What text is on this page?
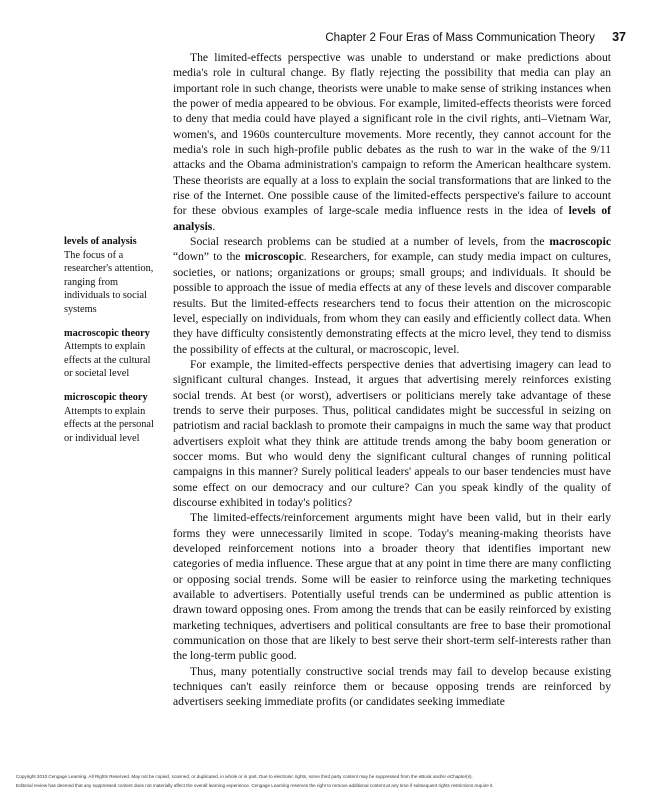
Chapter 2 Four Eras of Mass Communication Theory 37
levels of analysis
The focus of a researcher's attention, ranging from individuals to social systems
macroscopic theory
Attempts to explain effects at the cultural or societal level
microscopic theory
Attempts to explain effects at the personal or individual level

The limited-effects perspective was unable to understand or make predictions about media's role in cultural change. By flatly rejecting the possibility that media can play an important role in such change, theorists were unable to make sense of striking instances when the power of media appeared to be obvious. For example, limited-effects theorists were forced to deny that media could have played a significant role in the civil rights, anti–Vietnam War, women's, and 1960s counterculture movements. More recently, they cannot account for the media's role in such high-profile public debates as the rush to war in the wake of the 9/11 attacks and the Obama administration's campaign to reform the American healthcare system. These theorists are equally at a loss to explain the social transformations that are linked to the rise of the Internet. One possible cause of the limited-effects perspective's failure to account for these obvious examples of large-scale media influence rests in the idea of levels of analysis.

Social research problems can be studied at a number of levels, from the macroscopic “down” to the microscopic. Researchers, for example, can study media impact on cultures, societies, or nations; organizations or groups; small groups; and individuals. It should be possible to approach the issue of media effects at any of these levels and discover comparable results. But the limited-effects researchers tend to focus their attention on the microscopic level, especially on individuals, from whom they can easily and efficiently collect data. When they have difficulty consistently demonstrating effects at the micro level, they tend to dismiss the possibility of effects at the cultural, or macroscopic, level.

For example, the limited-effects perspective denies that advertising imagery can lead to significant cultural changes. Instead, it argues that advertising merely reinforces existing social trends. At best (or worst), advertisers or politicians merely take advantage of these trends to serve their purposes. Thus, political candidates might be successful in seizing on patriotism and racial backlash to promote their campaigns in much the same way that product advertisers exploit what they think are attitude trends among the baby boom generation or soccer moms. But who would deny the significant cultural changes of running political campaigns in this manner? Surely political leaders' appeals to our baser tendencies must have some effect on our democracy and our culture? Can you speak kindly of the quality of discourse exhibited in today's politics?

The limited-effects/reinforcement arguments might have been valid, but in their early forms they were unnecessarily limited in scope. Today's meaning-making theorists have developed reinforcement notions into a broader theory that identifies important new categories of media influence. These argue that at any point in time there are many conflicting or opposing social trends. Some will be easier to reinforce using the marketing techniques available to advertisers. Potentially useful trends can be undermined as public attention is drawn toward opposing ones. From among the trends that can be easily reinforced by existing marketing techniques, advertisers and political consultants are free to base their promotional communication on those that are likely to best serve their short-term self-interests rather than the long-term public good.

Thus, many potentially constructive social trends may fail to develop because existing techniques can't easily reinforce them or because opposing trends are reinforced by advertisers seeking immediate profits (or candidates seeking immediate

Copyright 2010 Cengage Learning. All Rights Reserved. May not be copied, scanned, or duplicated, in whole or in part. Due to electronic rights, some third party content may be suppressed from the eBook and/or eChapter(s).
Editorial review has deemed that any suppressed content does not materially affect the overall learning experience. Cengage Learning reserves the right to remove additional content at any time if subsequent rights restrictions require it.
